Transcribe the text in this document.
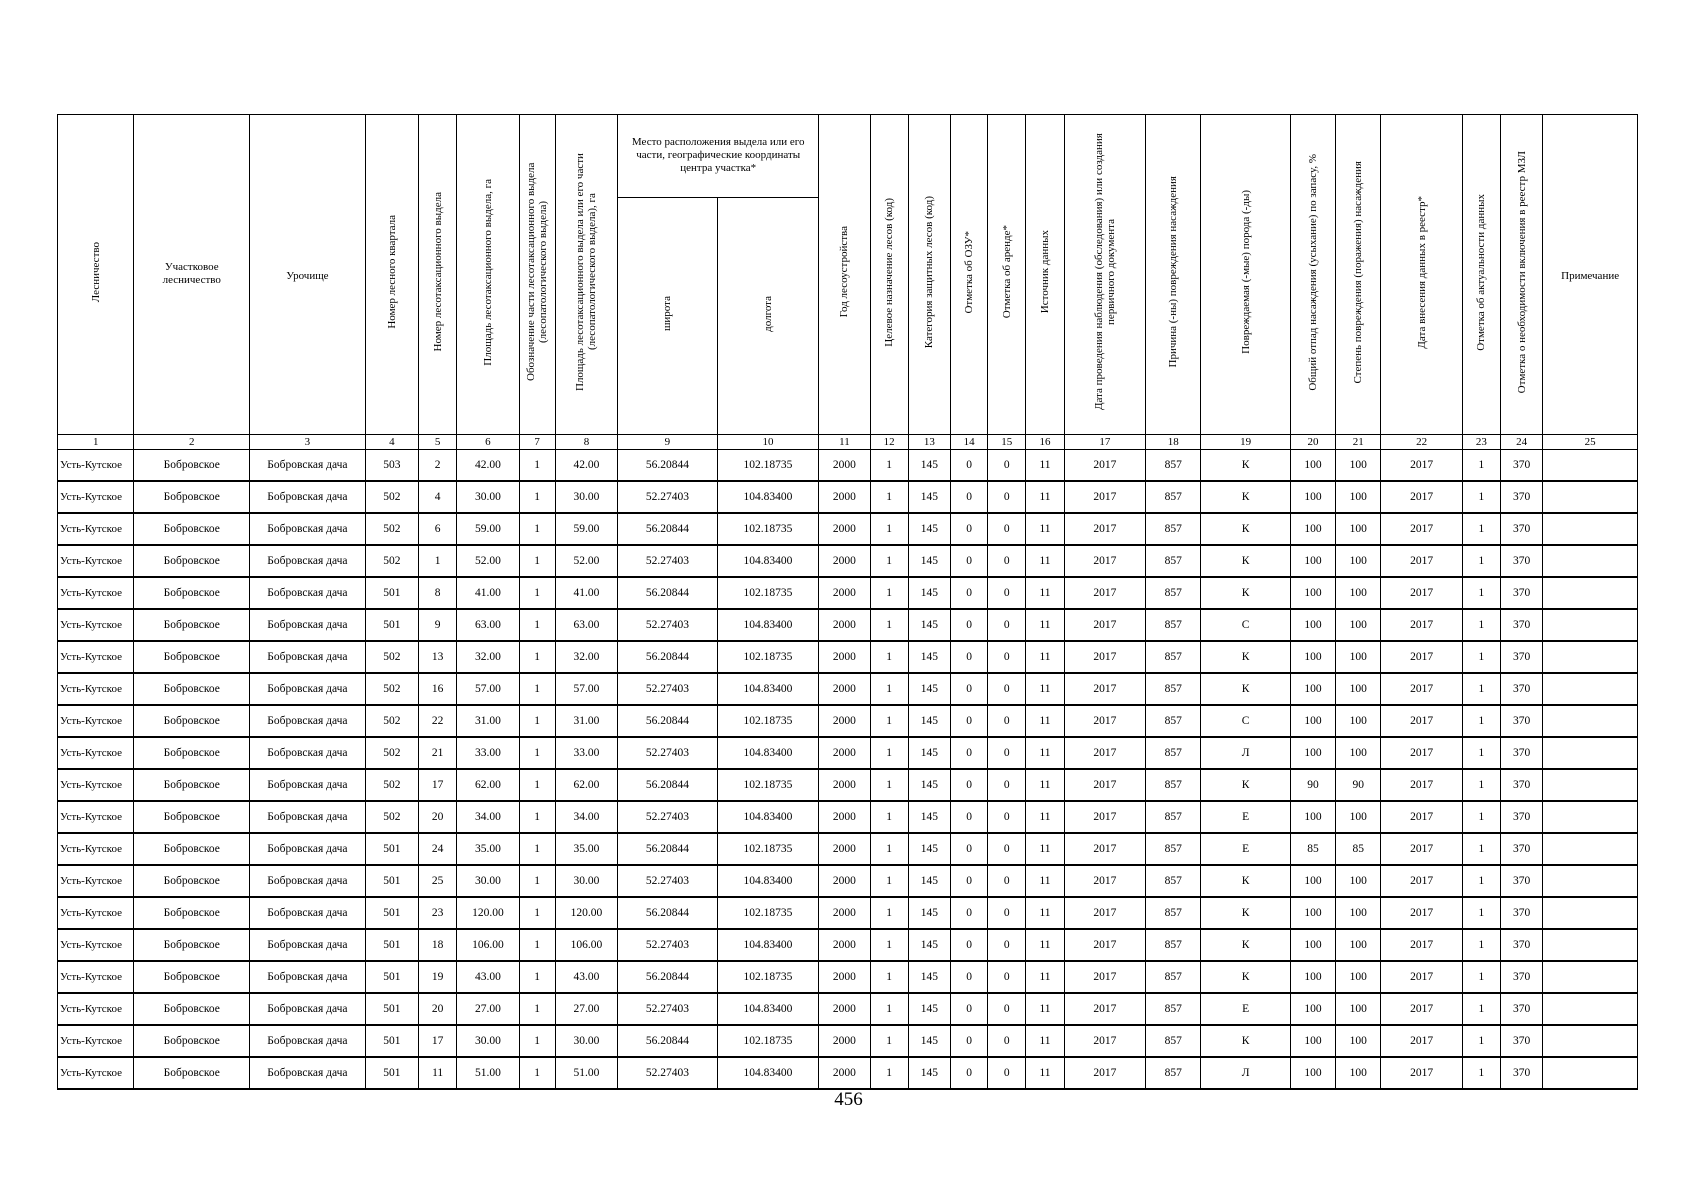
Лесничество	Участковое лесничество	Урочище	Номер лесного квартала	Номер лесотаксационного выдела	Площадь лесотаксационного выдела, га	Обозначение части лесотаксационного выдела (лесопатологического выдела)	Площадь лесотаксационного выдела или его части (лесопатологического выдела), га	Место расположения выдела или его части, географические координаты центра участка*		Год лесоустройства	Целевое назначение лесов (код)	Категория защитных лесов (код)	Отметка об ОЗУ*	Отметка об аренде*	Источник данных	Дата проведения наблюдения (обследования) или создания первичного документа	Причина (-ны) повреждения насаждения	Повреждаемая (-мые) порода (-ды)	Общий отпад насаждения (усыхание) по запасу, %	Степень повреждения (поражения) насаждения	Дата внесения данных в реестр*	Отметка об актуальности данных	Отметка о необходимости включения в реестр МЗЛ	Примечание
								широта	долгота															
1	2	3	4	5	6	7	8	9	10	11	12	13	14	15	16	17	18	19	20	21	22	23	24	25
Усть-Кутское	Бобровское	Бобровская дача	503	2	42.00	1	42.00	56.20844	102.18735	2000	1	145	0	0	11	2017	857	К	100	100	2017	1	370	
Усть-Кутское	Бобровское	Бобровская дача	502	4	30.00	1	30.00	52.27403	104.83400	2000	1	145	0	0	11	2017	857	К	100	100	2017	1	370	
Усть-Кутское	Бобровское	Бобровская дача	502	6	59.00	1	59.00	56.20844	102.18735	2000	1	145	0	0	11	2017	857	К	100	100	2017	1	370	
Усть-Кутское	Бобровское	Бобровская дача	502	1	52.00	1	52.00	52.27403	104.83400	2000	1	145	0	0	11	2017	857	К	100	100	2017	1	370	
Усть-Кутское	Бобровское	Бобровская дача	501	8	41.00	1	41.00	56.20844	102.18735	2000	1	145	0	0	11	2017	857	К	100	100	2017	1	370	
Усть-Кутское	Бобровское	Бобровская дача	501	9	63.00	1	63.00	52.27403	104.83400	2000	1	145	0	0	11	2017	857	С	100	100	2017	1	370	
Усть-Кутское	Бобровское	Бобровская дача	502	13	32.00	1	32.00	56.20844	102.18735	2000	1	145	0	0	11	2017	857	К	100	100	2017	1	370	
Усть-Кутское	Бобровское	Бобровская дача	502	16	57.00	1	57.00	52.27403	104.83400	2000	1	145	0	0	11	2017	857	К	100	100	2017	1	370	
Усть-Кутское	Бобровское	Бобровская дача	502	22	31.00	1	31.00	56.20844	102.18735	2000	1	145	0	0	11	2017	857	С	100	100	2017	1	370	
Усть-Кутское	Бобровское	Бобровская дача	502	21	33.00	1	33.00	52.27403	104.83400	2000	1	145	0	0	11	2017	857	Л	100	100	2017	1	370	
Усть-Кутское	Бобровское	Бобровская дача	502	17	62.00	1	62.00	56.20844	102.18735	2000	1	145	0	0	11	2017	857	К	90	90	2017	1	370	
Усть-Кутское	Бобровское	Бобровская дача	502	20	34.00	1	34.00	52.27403	104.83400	2000	1	145	0	0	11	2017	857	Е	100	100	2017	1	370	
Усть-Кутское	Бобровское	Бобровская дача	501	24	35.00	1	35.00	56.20844	102.18735	2000	1	145	0	0	11	2017	857	Е	85	85	2017	1	370	
Усть-Кутское	Бобровское	Бобровская дача	501	25	30.00	1	30.00	52.27403	104.83400	2000	1	145	0	0	11	2017	857	К	100	100	2017	1	370	
Усть-Кутское	Бобровское	Бобровская дача	501	23	120.00	1	120.00	56.20844	102.18735	2000	1	145	0	0	11	2017	857	К	100	100	2017	1	370	
Усть-Кутское	Бобровское	Бобровская дача	501	18	106.00	1	106.00	52.27403	104.83400	2000	1	145	0	0	11	2017	857	К	100	100	2017	1	370	
Усть-Кутское	Бобровское	Бобровская дача	501	19	43.00	1	43.00	56.20844	102.18735	2000	1	145	0	0	11	2017	857	К	100	100	2017	1	370	
Усть-Кутское	Бобровское	Бобровская дача	501	20	27.00	1	27.00	52.27403	104.83400	2000	1	145	0	0	11	2017	857	Е	100	100	2017	1	370	
Усть-Кутское	Бобровское	Бобровская дача	501	17	30.00	1	30.00	56.20844	102.18735	2000	1	145	0	0	11	2017	857	К	100	100	2017	1	370	
Усть-Кутское	Бобровское	Бобровская дача	501	11	51.00	1	51.00	52.27403	104.83400	2000	1	145	0	0	11	2017	857	Л	100	100	2017	1	370	
456
